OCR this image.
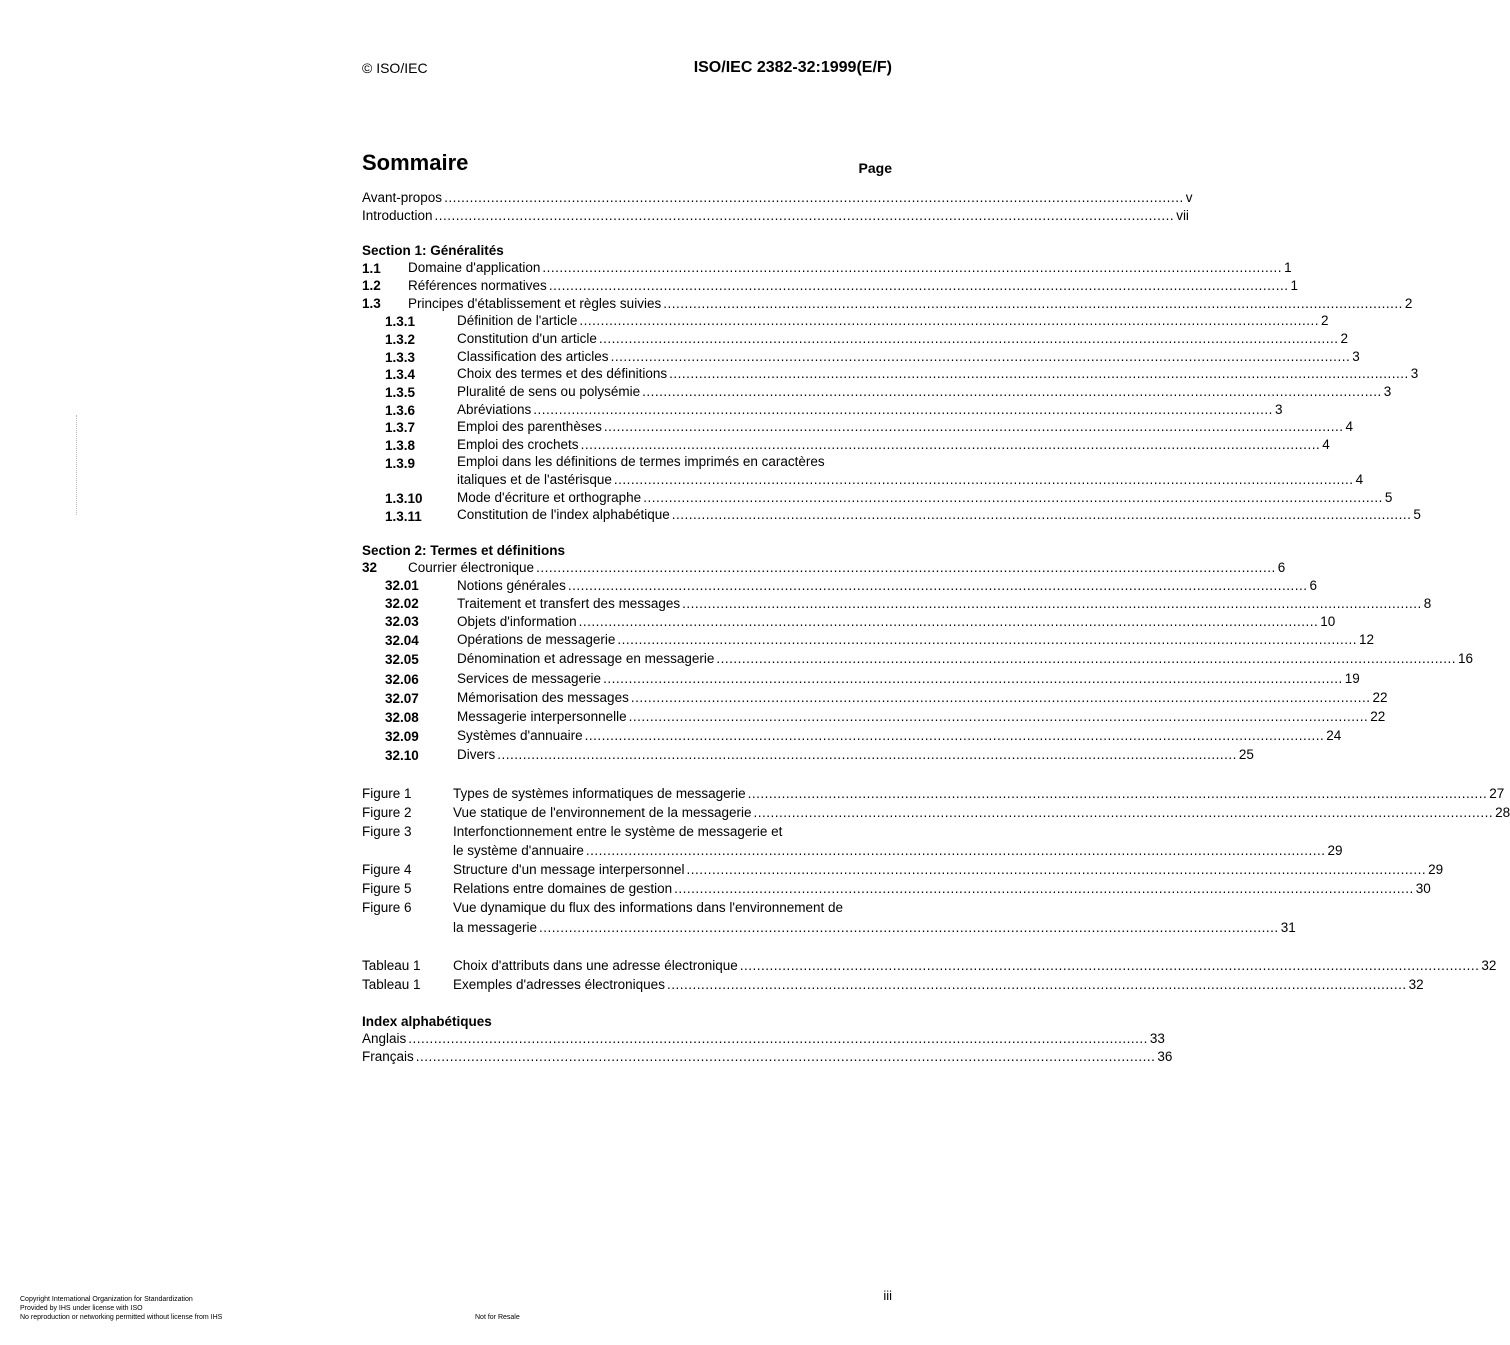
© ISO/IEC	ISO/IEC 2382-32:1999(E/F)
Sommaire	Page
Avant-propos .............................................................................................................................................................................. v
Introduction .............................................................................................................................................................................. vii
Section 1: Généralités
1.1 Domaine d'application .............................................................................................................................................................................. 1
1.2 Références normatives .............................................................................................................................................................................. 1
1.3 Principes d'établissement et règles suivies .............................................................................................................................................................................. 2
1.3.1	Définition de l'article .............................................................................................................................................................................. 2
1.3.2	Constitution d'un article .............................................................................................................................................................................. 2
1.3.3	Classification des articles .............................................................................................................................................................................. 3
1.3.4	Choix des termes et des définitions .............................................................................................................................................................................. 3
1.3.5	Pluralité de sens ou polysémie .............................................................................................................................................................................. 3
1.3.6	Abréviations .............................................................................................................................................................................. 3
1.3.7	Emploi des parenthèses .............................................................................................................................................................................. 4
1.3.8	Emploi des crochets .............................................................................................................................................................................. 4
1.3.9	Emploi dans les définitions de termes imprimés en caractères
italiques et de l'astérisque .............................................................................................................................................................................. 4
1.3.10	Mode d'écriture et orthographe .............................................................................................................................................................................. 5
1.3.11	Constitution de l'index alphabétique .............................................................................................................................................................................. 5
Section 2: Termes et définitions
32 Courrier électronique .............................................................................................................................................................................. 6
32.01	Notions générales .............................................................................................................................................................................. 6
32.02	Traitement et transfert des messages .............................................................................................................................................................................. 8
32.03	Objets d'information .............................................................................................................................................................................. 10
32.04	Opérations de messagerie .............................................................................................................................................................................. 12
32.05	Dénomination et adressage en messagerie .............................................................................................................................................................................. 16
32.06	Services de messagerie .............................................................................................................................................................................. 19
32.07	Mémorisation des messages .............................................................................................................................................................................. 22
32.08	Messagerie interpersonnelle .............................................................................................................................................................................. 22
32.09	Systèmes d'annuaire .............................................................................................................................................................................. 24
32.10	Divers .............................................................................................................................................................................. 25
Figure 1	Types de systèmes informatiques de messagerie .............................................................................................................................................................................. 27
Figure 2	Vue statique de l'environnement de la messagerie .............................................................................................................................................................................. 28
Figure 3	Interfonctionnement entre le système de messagerie et
le système d'annuaire .............................................................................................................................................................................. 29
Figure 4	Structure d'un message interpersonnel .............................................................................................................................................................................. 29
Figure 5	Relations entre domaines de gestion .............................................................................................................................................................................. 30
Figure 6	Vue dynamique du flux des informations dans l'environnement de
la messagerie .............................................................................................................................................................................. 31
Tableau 1 Choix d'attributs dans une adresse électronique .............................................................................................................................................................................. 32
Tableau 1 Exemples d'adresses électroniques .............................................................................................................................................................................. 32
Index alphabétiques
Anglais .............................................................................................................................................................................. 33
Français .............................................................................................................................................................................. 36
iii
Copyright International Organization for Standardization
Provided by IHS under license with ISO
No reproduction or networking permitted without license from IHS	Not for Resale
